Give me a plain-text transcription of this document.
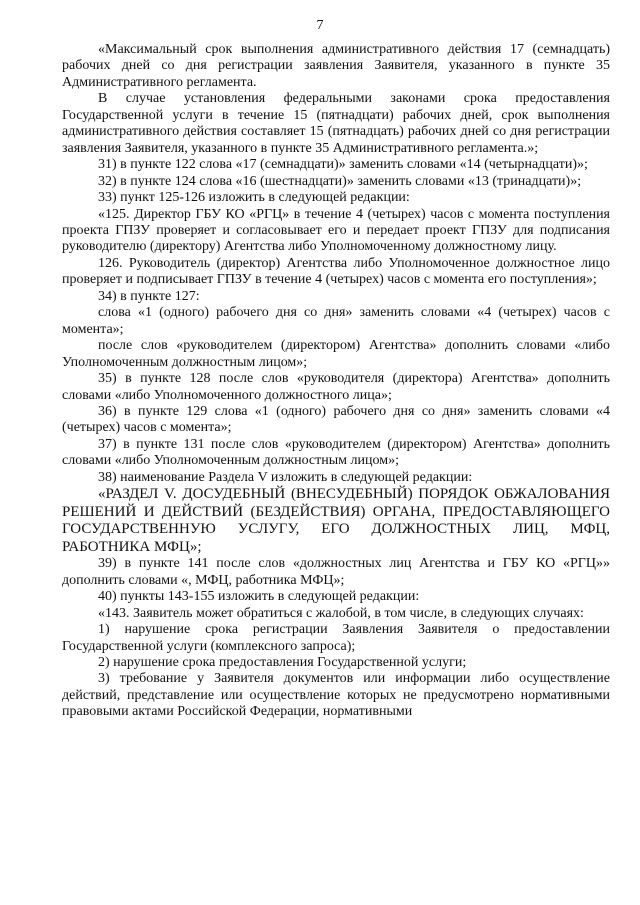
7

«Максимальный срок выполнения административного действия 17 (семнадцать) рабочих дней со дня регистрации заявления Заявителя, указанного в пункте 35 Административного регламента.

В случае установления федеральными законами срока предоставления Государственной услуги в течение 15 (пятнадцати) рабочих дней, срок выполнения административного действия составляет 15 (пятнадцать) рабочих дней со дня регистрации заявления Заявителя, указанного в пункте 35 Административного регламента.»;

31) в пункте 122 слова «17 (семнадцати)» заменить словами «14 (четырнадцати)»;

32) в пункте 124 слова «16 (шестнадцати)» заменить словами «13 (тринадцати)»;

33) пункт 125-126 изложить в следующей редакции:

«125. Директор ГБУ КО «РГЦ» в течение 4 (четырех) часов с момента поступления проекта ГПЗУ проверяет и согласовывает его и передает проект ГПЗУ для подписания руководителю (директору) Агентства либо Уполномоченному должностному лицу.

126. Руководитель (директор) Агентства либо Уполномоченное должностное лицо проверяет и подписывает ГПЗУ в течение 4 (четырех) часов с момента его поступления»;

34) в пункте 127:

слова «1 (одного) рабочего дня со дня» заменить словами «4 (четырех) часов с момента»;

после слов «руководителем (директором) Агентства» дополнить словами «либо Уполномоченным должностным лицом»;

35) в пункте 128 после слов «руководителя (директора) Агентства» дополнить словами «либо Уполномоченного должностного лица»;

36) в пункте 129 слова «1 (одного) рабочего дня со дня» заменить словами «4 (четырех) часов с момента»;

37) в пункте 131 после слов «руководителем (директором) Агентства» дополнить словами «либо Уполномоченным должностным лицом»;

38) наименование Раздела V изложить в следующей редакции:

«РАЗДЕЛ V. ДОСУДЕБНЫЙ (ВНЕСУДЕБНЫЙ) ПОРЯДОК ОБЖАЛОВАНИЯ РЕШЕНИЙ И ДЕЙСТВИЙ (БЕЗДЕЙСТВИЯ) ОРГАНА, ПРЕДОСТАВЛЯЮЩЕГО ГОСУДАРСТВЕННУЮ УСЛУГУ, ЕГО ДОЛЖНОСТНЫХ ЛИЦ, МФЦ, РАБОТНИКА МФЦ»;

39) в пункте 141 после слов «должностных лиц Агентства и ГБУ КО «РГЦ»» дополнить словами «, МФЦ, работника МФЦ»;

40) пункты 143-155 изложить в следующей редакции:

«143. Заявитель может обратиться с жалобой, в том числе, в следующих случаях:

1) нарушение срока регистрации Заявления Заявителя о предоставлении Государственной услуги (комплексного запроса);

2) нарушение срока предоставления Государственной услуги;

3) требование у Заявителя документов или информации либо осуществление действий, представление или осуществление которых не предусмотрено нормативными правовыми актами Российской Федерации, нормативными
